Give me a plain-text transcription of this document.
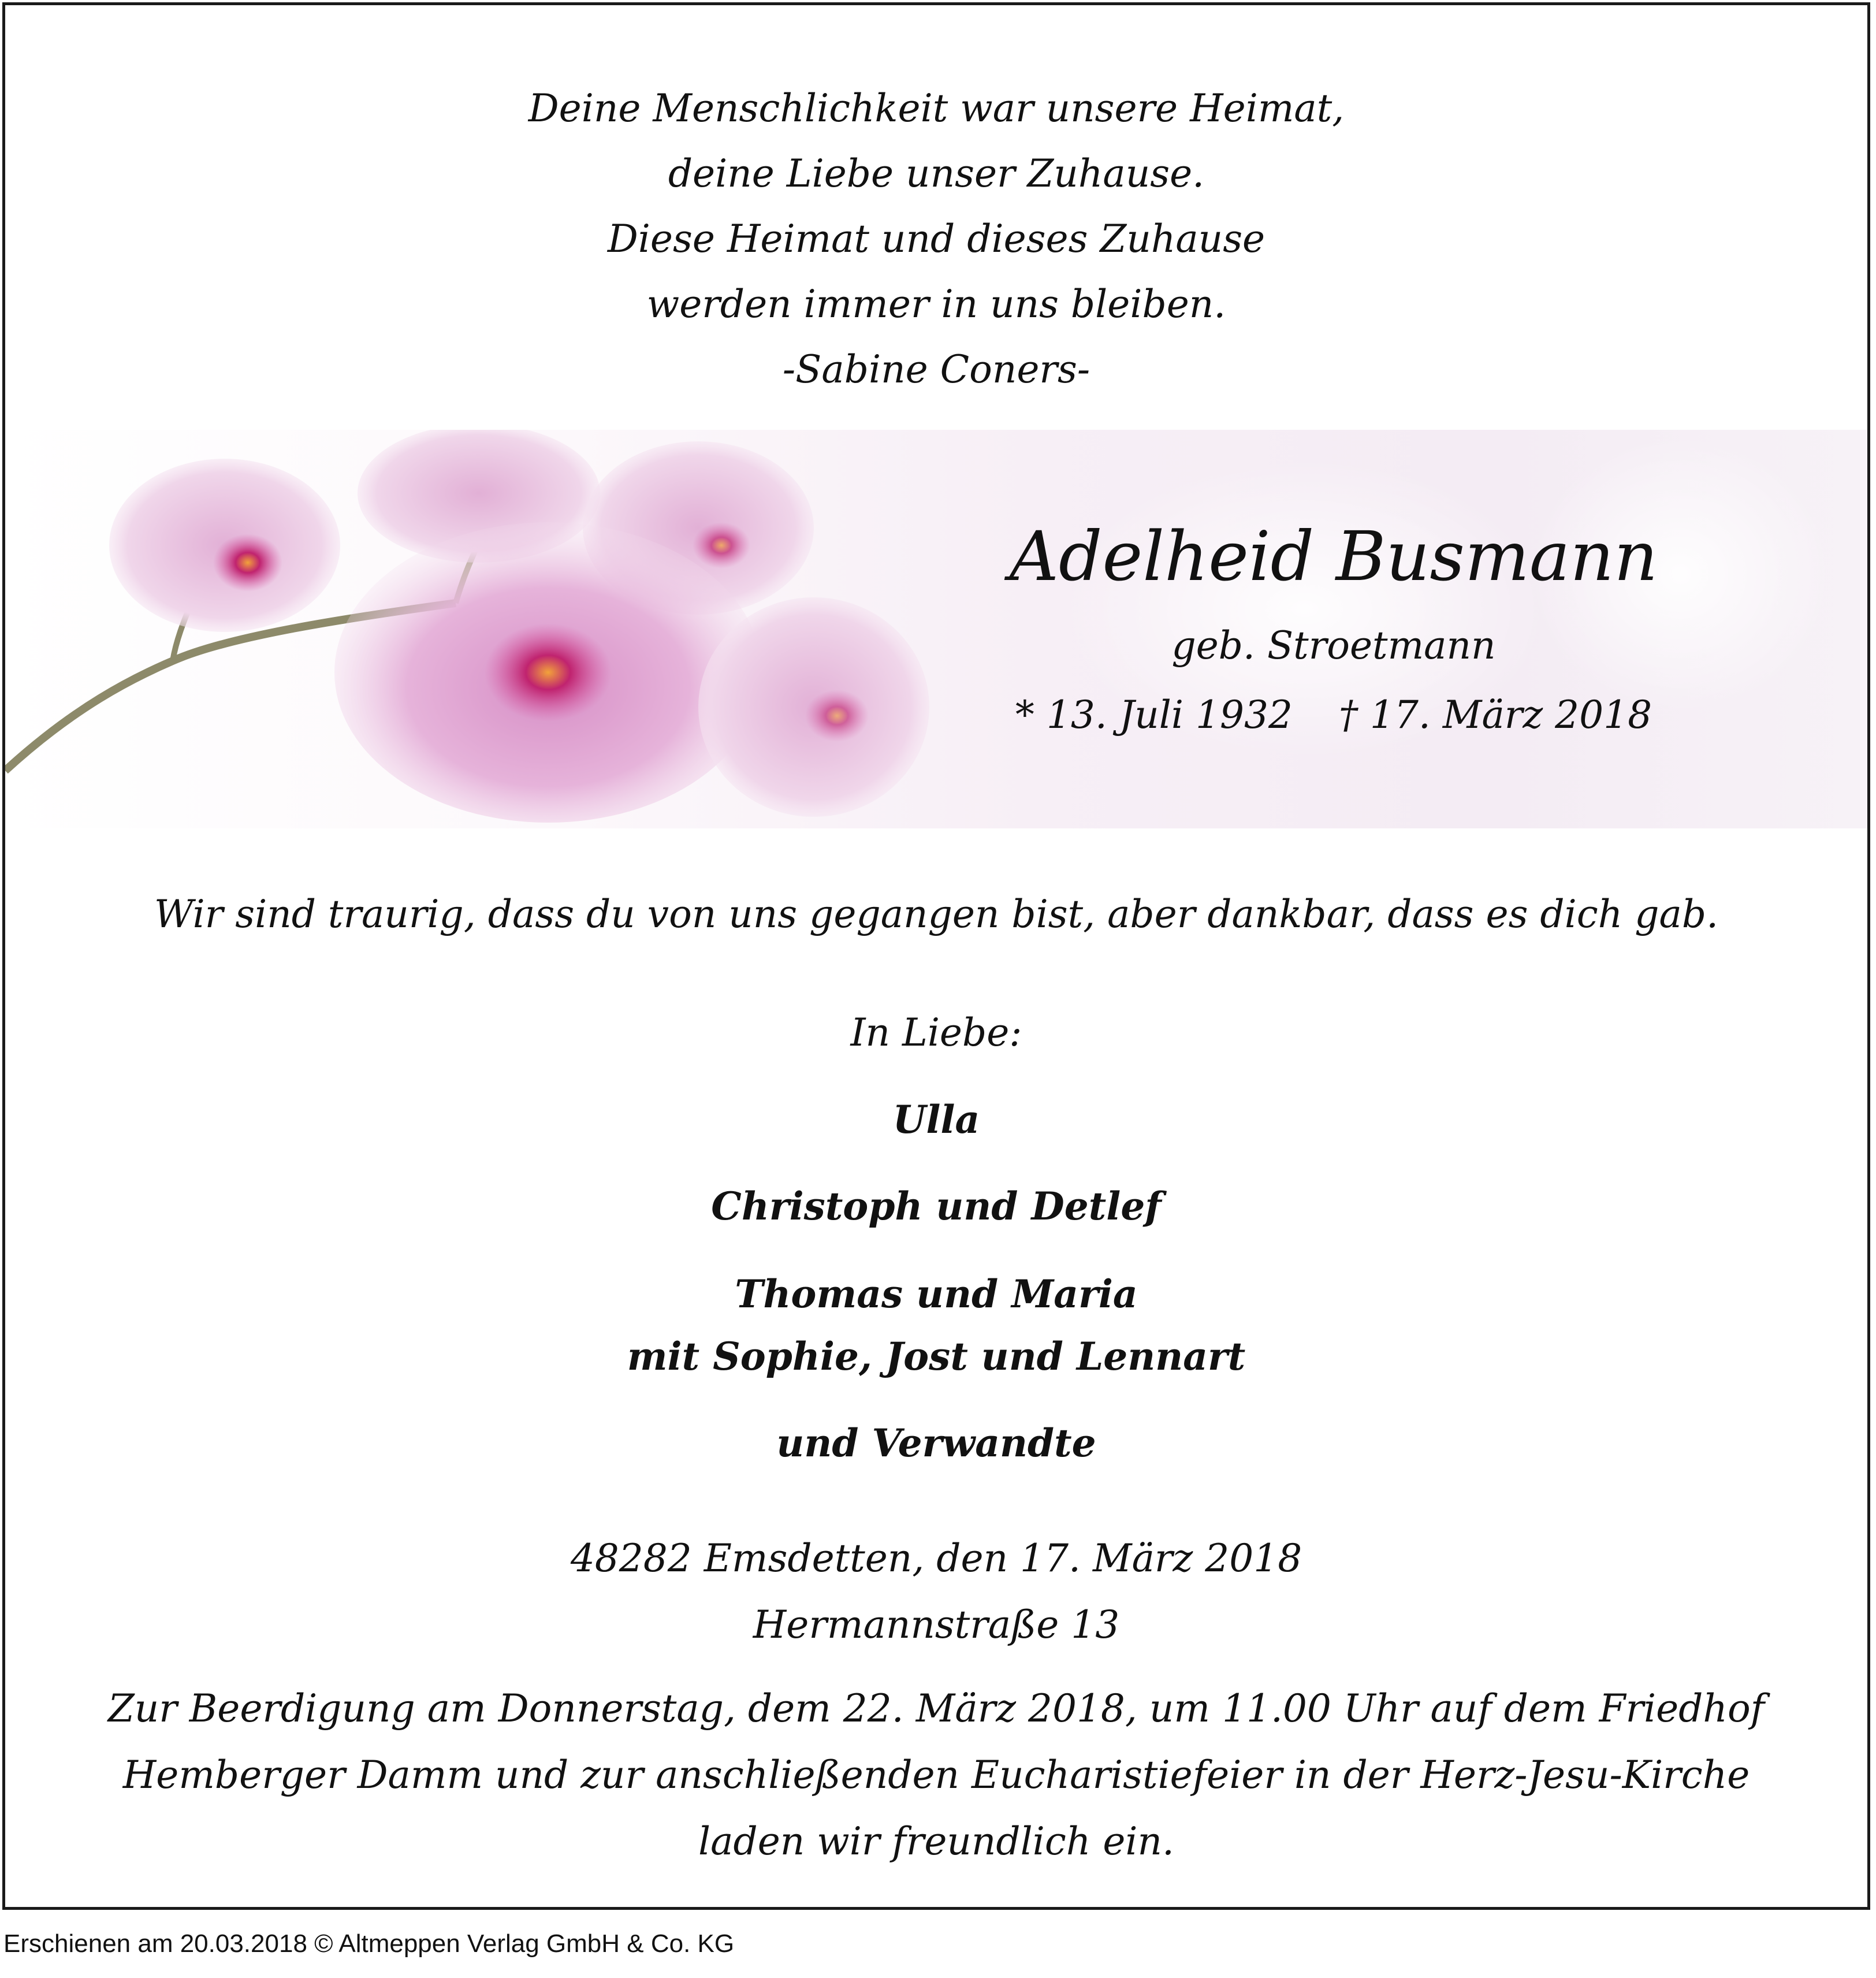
Deine Menschlichkeit war unsere Heimat,
deine Liebe unser Zuhause.
Diese Heimat und dieses Zuhause
werden immer in uns bleiben.
-Sabine Coners-
Adelheid Busmann
geb. Stroetmann
* 13. Juli 1932 † 17. März 2018
Wir sind traurig, dass du von uns gegangen bist, aber dankbar, dass es dich gab.
In Liebe:
Ulla
Christoph und Detlef
Thomas und Maria
mit Sophie, Jost und Lennart
und Verwandte
48282 Emsdetten, den 17. März 2018
Hermannstraße 13
Zur Beerdigung am Donnerstag, dem 22. März 2018, um 11.00 Uhr auf dem Friedhof
Hemberger Damm und zur anschließenden Eucharistiefeier in der Herz-Jesu-Kirche
laden wir freundlich ein.
Erschienen am 20.03.2018 © Altmeppen Verlag GmbH & Co. KG
